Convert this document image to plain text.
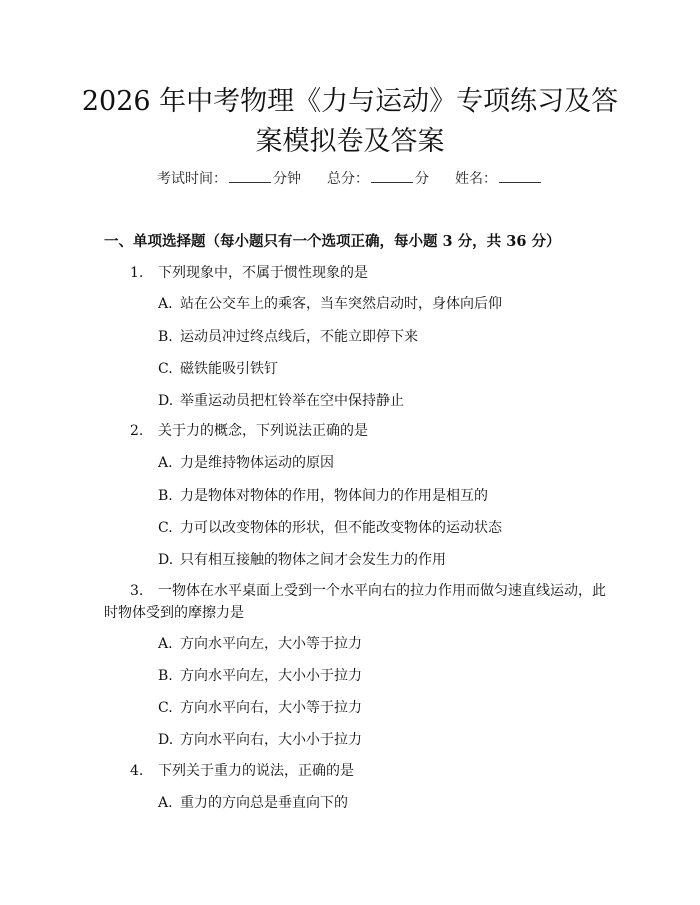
2026 年中考物理《力与运动》专项练习及答
案模拟卷及答案
考试时间：	分钟 总分：	分 姓名：
一、单项选择题（每小题只有一个选项正确，每小题 3 分，共 36 分）
1. 下列现象中，不属于惯性现象的是
A. 站在公交车上的乘客，当车突然启动时，身体向后仰
B. 运动员冲过终点线后，不能立即停下来
C. 磁铁能吸引铁钉
D. 举重运动员把杠铃举在空中保持静止
2. 关于力的概念，下列说法正确的是
A. 力是维持物体运动的原因
B. 力是物体对物体的作用，物体间力的作用是相互的
C. 力可以改变物体的形状，但不能改变物体的运动状态
D. 只有相互接触的物体之间才会发生力的作用
3. 一物体在水平桌面上受到一个水平向右的拉力作用而做匀速直线运动，此
时物体受到的摩擦力是
A. 方向水平向左，大小等于拉力
B. 方向水平向左，大小小于拉力
C. 方向水平向右，大小等于拉力
D. 方向水平向右，大小小于拉力
4. 下列关于重力的说法，正确的是
A. 重力的方向总是垂直向下的
